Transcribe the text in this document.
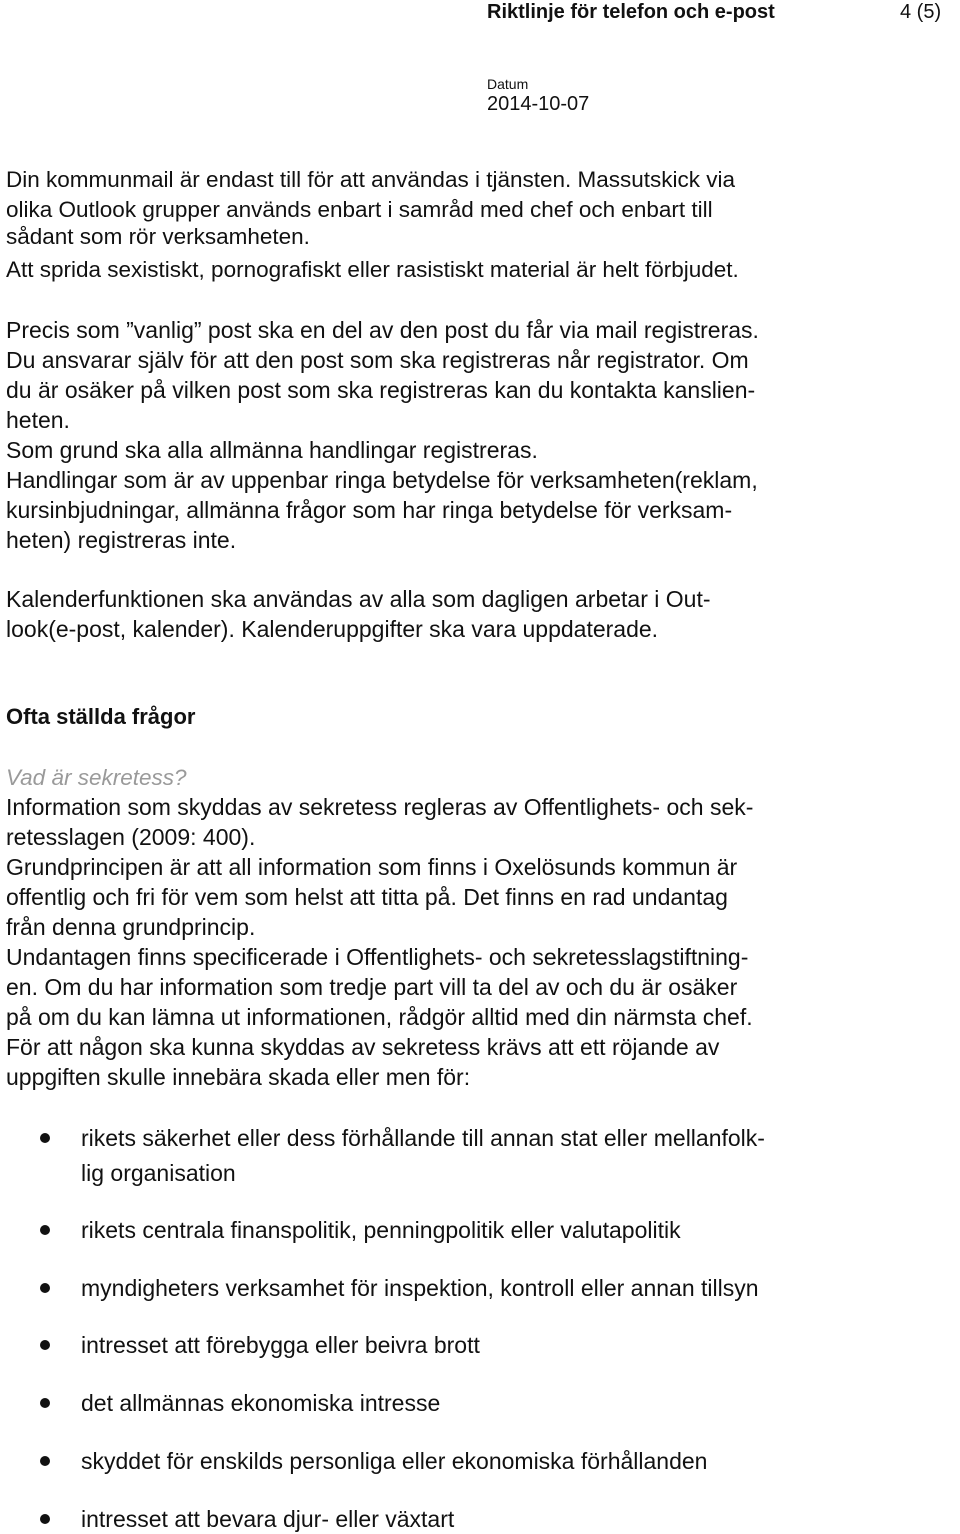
Riktlinje för telefon och e-post	4 (5)
Datum
2014-10-07
Din kommunmail är endast till för att användas i tjänsten. Massutskick via
olika Outlook grupper används enbart i samråd med chef och enbart till
sådant som rör verksamheten.
Att sprida sexistiskt, pornografiskt eller rasistiskt material är helt förbjudet.
Precis som ”vanlig” post ska en del av den post du får via mail registreras.
Du ansvarar själv för att den post som ska registreras når registrator. Om
du är osäker på vilken post som ska registreras kan du kontakta kanslien-
heten.
Som grund ska alla allmänna handlingar registreras.
Handlingar som är av uppenbar ringa betydelse för verksamheten(reklam,
kursinbjudningar, allmänna frågor som har ringa betydelse för verksam-
heten) registreras inte.
Kalenderfunktionen ska användas av alla som dagligen arbetar i Out-
look(e-post, kalender). Kalenderuppgifter ska vara uppdaterade.
Ofta ställda frågor
Vad är sekretess?
Information som skyddas av sekretess regleras av Offentlighets- och sek-
retesslagen (2009: 400).
Grundprincipen är att all information som finns i Oxelösunds kommun är
offentlig och fri för vem som helst att titta på. Det finns en rad undantag
från denna grundprincip.
Undantagen finns specificerade i Offentlighets- och sekretesslagstiftning-
en. Om du har information som tredje part vill ta del av och du är osäker
på om du kan lämna ut informationen, rådgör alltid med din närmsta chef.
För att någon ska kunna skyddas av sekretess krävs att ett röjande av
uppgiften skulle innebära skada eller men för:
rikets säkerhet eller dess förhållande till annan stat eller mellanfolk-
lig organisation
rikets centrala finanspolitik, penningpolitik eller valutapolitik
myndigheters verksamhet för inspektion, kontroll eller annan tillsyn
intresset att förebygga eller beivra brott
det allmännas ekonomiska intresse
skyddet för enskilds personliga eller ekonomiska förhållanden
intresset att bevara djur- eller växtart
